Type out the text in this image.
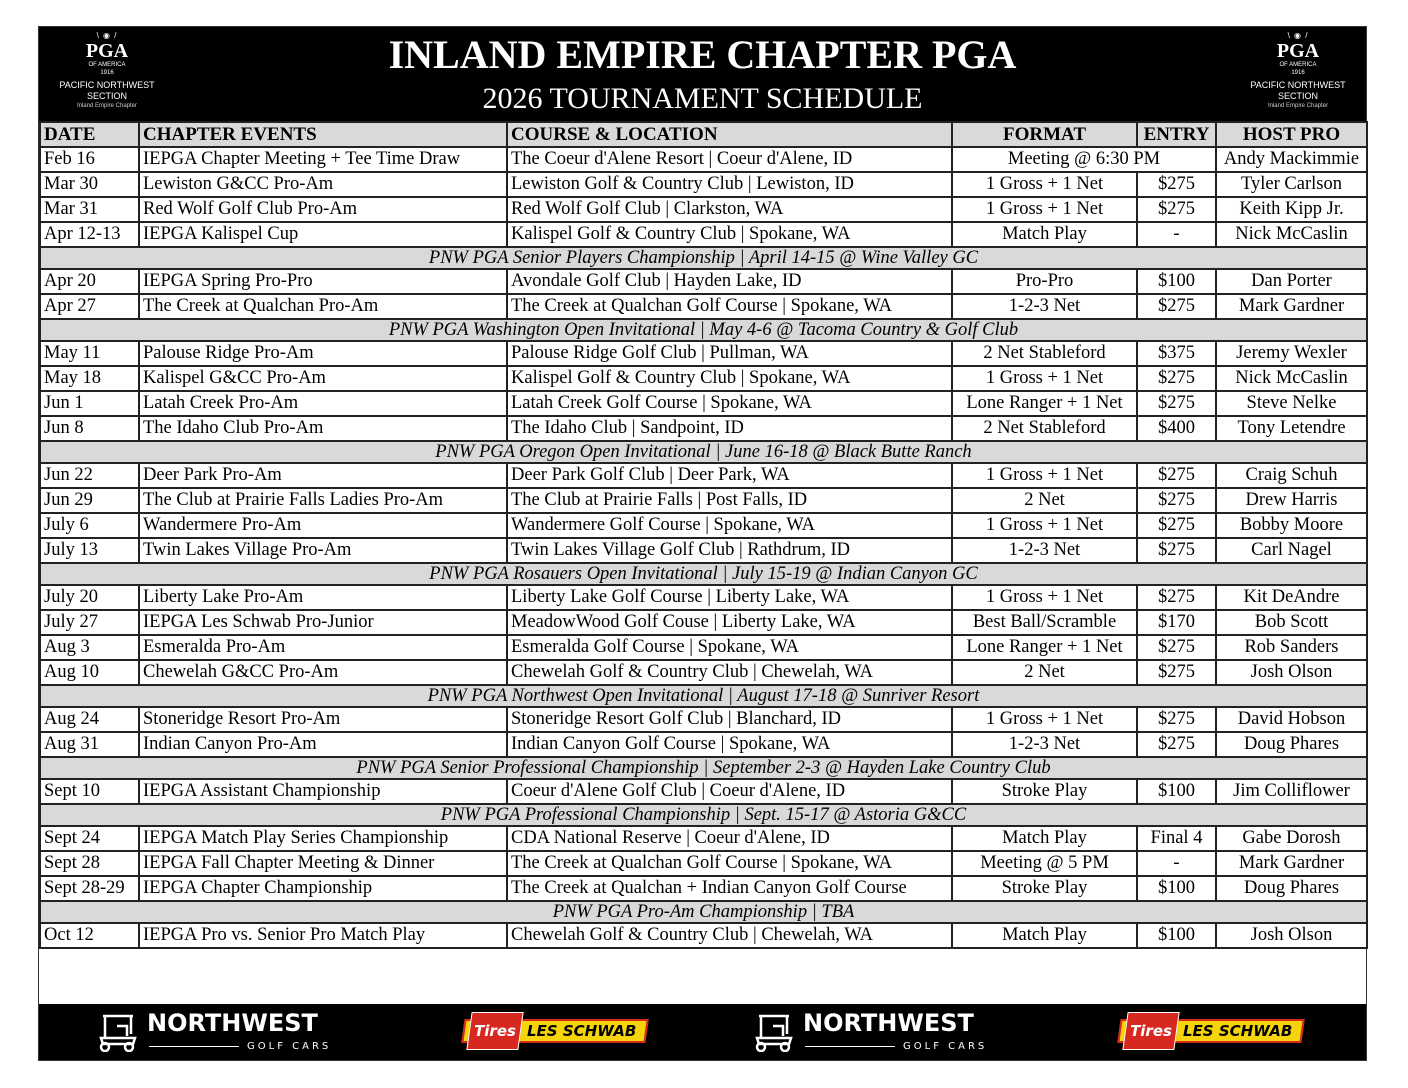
\ ◉ /
PGA
OF AMERICA
1916
PACIFIC NORTHWEST
SECTION
Inland Empire Chapter
INLAND EMPIRE CHAPTER PGA
2026 TOURNAMENT SCHEDULE
\ ◉ /
PGA
OF AMERICA
1916
PACIFIC NORTHWEST
SECTION
Inland Empire Chapter
DATE	CHAPTER EVENTS	COURSE & LOCATION	FORMAT	ENTRY	HOST PRO
Feb 16	IEPGA Chapter Meeting + Tee Time Draw	The Coeur d'Alene Resort | Coeur d'Alene, ID	Meeting @ 6:30 PM		Andy Mackimmie
Mar 30	Lewiston G&CC Pro-Am	Lewiston Golf & Country Club | Lewiston, ID	1 Gross + 1 Net	$275	Tyler Carlson
Mar 31	Red Wolf Golf Club Pro-Am	Red Wolf Golf Club | Clarkston, WA	1 Gross + 1 Net	$275	Keith Kipp Jr.
Apr 12-13	IEPGA Kalispel Cup	Kalispel Golf & Country Club | Spokane, WA	Match Play	-	Nick McCaslin
PNW PGA Senior Players Championship | April 14-15 @ Wine Valley GC					
Apr 20	IEPGA Spring Pro-Pro	Avondale Golf Club | Hayden Lake, ID	Pro-Pro	$100	Dan Porter
Apr 27	The Creek at Qualchan Pro-Am	The Creek at Qualchan Golf Course | Spokane, WA	1-2-3 Net	$275	Mark Gardner
PNW PGA Washington Open Invitational | May 4-6 @ Tacoma Country & Golf Club					
May 11	Palouse Ridge Pro-Am	Palouse Ridge Golf Club | Pullman, WA	2 Net Stableford	$375	Jeremy Wexler
May 18	Kalispel G&CC Pro-Am	Kalispel Golf & Country Club | Spokane, WA	1 Gross + 1 Net	$275	Nick McCaslin
Jun 1	Latah Creek Pro-Am	Latah Creek Golf Course | Spokane, WA	Lone Ranger + 1 Net	$275	Steve Nelke
Jun 8	The Idaho Club Pro-Am	The Idaho Club | Sandpoint, ID	2 Net Stableford	$400	Tony Letendre
PNW PGA Oregon Open Invitational | June 16-18 @ Black Butte Ranch					
Jun 22	Deer Park Pro-Am	Deer Park Golf Club | Deer Park, WA	1 Gross + 1 Net	$275	Craig Schuh
Jun 29	The Club at Prairie Falls Ladies Pro-Am	The Club at Prairie Falls | Post Falls, ID	2 Net	$275	Drew Harris
July 6	Wandermere Pro-Am	Wandermere Golf Course | Spokane, WA	1 Gross + 1 Net	$275	Bobby Moore
July 13	Twin Lakes Village Pro-Am	Twin Lakes Village Golf Club | Rathdrum, ID	1-2-3 Net	$275	Carl Nagel
PNW PGA Rosauers Open Invitational | July 15-19 @ Indian Canyon GC					
July 20	Liberty Lake Pro-Am	Liberty Lake Golf Course | Liberty Lake, WA	1 Gross + 1 Net	$275	Kit DeAndre
July 27	IEPGA Les Schwab Pro-Junior	MeadowWood Golf Couse | Liberty Lake, WA	Best Ball/Scramble	$170	Bob Scott
Aug 3	Esmeralda Pro-Am	Esmeralda Golf Course | Spokane, WA	Lone Ranger + 1 Net	$275	Rob Sanders
Aug 10	Chewelah G&CC Pro-Am	Chewelah Golf & Country Club | Chewelah, WA	2 Net	$275	Josh Olson
PNW PGA Northwest Open Invitational | August 17-18 @ Sunriver Resort					
Aug 24	Stoneridge Resort Pro-Am	Stoneridge Resort Golf Club | Blanchard, ID	1 Gross + 1 Net	$275	David Hobson
Aug 31	Indian Canyon Pro-Am	Indian Canyon Golf Course | Spokane, WA	1-2-3 Net	$275	Doug Phares
PNW PGA Senior Professional Championship | September 2-3 @ Hayden Lake Country Club					
Sept 10	IEPGA Assistant Championship	Coeur d'Alene Golf Club | Coeur d'Alene, ID	Stroke Play	$100	Jim Colliflower
PNW PGA Professional Championship | Sept. 15-17 @ Astoria G&CC					
Sept 24	IEPGA Match Play Series Championship	CDA National Reserve | Coeur d'Alene, ID	Match Play	Final 4	Gabe Dorosh
Sept 28	IEPGA Fall Chapter Meeting & Dinner	The Creek at Qualchan Golf Course | Spokane, WA	Meeting @ 5 PM	-	Mark Gardner
Sept 28-29	IEPGA Chapter Championship	The Creek at Qualchan + Indian Canyon Golf Course	Stroke Play	$100	Doug Phares
PNW PGA Pro-Am Championship | TBA					
Oct 12	IEPGA Pro vs. Senior Pro Match Play	Chewelah Golf & Country Club | Chewelah, WA	Match Play	$100	Josh Olson
NORTHWEST
GOLF CARS
Tires LES SCHWAB	NORTHWEST
GOLF CARS
Tires LES SCHWAB
